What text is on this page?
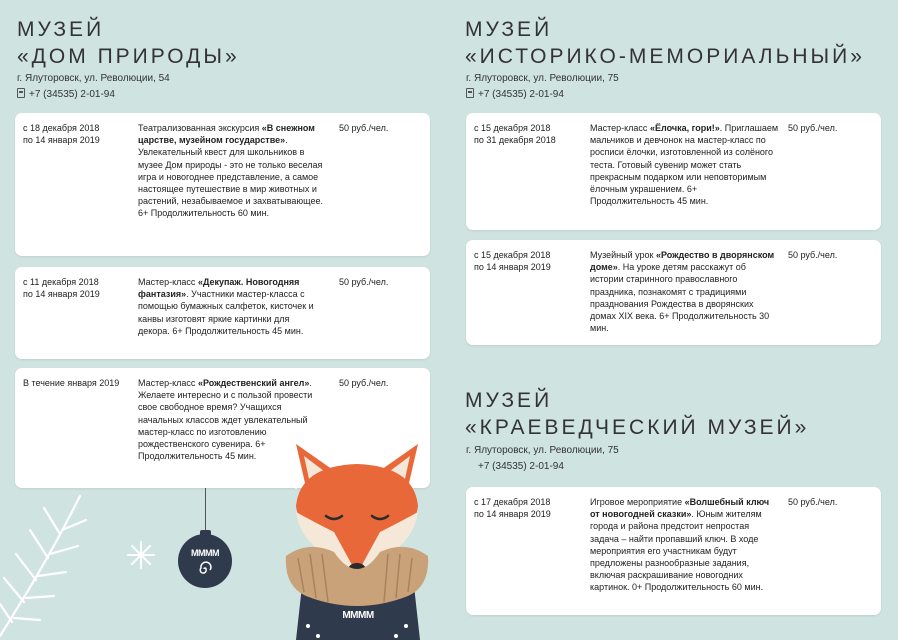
МУЗЕЙ
«ДОМ ПРИРОДЫ»
г. Ялуторовск, ул. Революции, 54
+7 (34535) 2-01-94
с 18 декабря 2018
по 14 января 2019
Театрализованная экскурсия «В снежном царстве, музейном государстве». Увлекательный квест для школьников в музее Дом природы - это не только веселая игра и новогоднее представление, а самое настоящее путешествие в мир животных и растений, незабываемое и захватывающее. 6+ Продолжительность 60 мин.
50 руб./чел.
с 11 декабря 2018
по 14 января 2019
Мастер-класс «Декупаж. Новогодняя фантазия». Участники мастер-класса с помощью бумажных салфеток, кисточек и канвы изготовят яркие картинки для декора. 6+ Продолжительность 45 мин.
50 руб./чел.
В течение января 2019	Мастер-класс «Рождественский ангел». Желаете интересно и с пользой провести свое свободное время? Учащихся начальных классов ждет увлекательный мастер-класс по изготовлению рождественского сувенира. 6+ Продолжительность 45 мин.
50 руб./чел.
МУЗЕЙ
«ИСТОРИКО-МЕМОРИАЛЬНЫЙ»
г. Ялуторовск, ул. Революции, 75
+7 (34535) 2-01-94
с 15 декабря 2018
по 31 декабря 2018
Мастер-класс «Ёлочка, гори!». Приглашаем мальчиков и девчонок на мастер-класс по росписи ёлочки, изготовленной из солёного теста. Готовый сувенир может стать прекрасным подарком или неповторимым ёлочным украшением. 6+ Продолжительность 45 мин.
50 руб./чел.
с 15 декабря 2018
по 14 января 2019
Музейный урок «Рождество в дворянском доме». На уроке детям расскажут об истории старинного православного праздника, познакомят с традициями празднования Рождества в дворянских домах XIX века. 6+ Продолжительность 30 мин.
50 руб./чел.
МУЗЕЙ
«КРАЕВЕДЧЕСКИЙ МУЗЕЙ»
г. Ялуторовск, ул. Революции, 75
+7 (34535) 2-01-94
с 17 декабря 2018
по 14 января 2019
Игровое мероприятие «Волшебный ключ от новогодней сказки». Юным жителям города и района предстоит непростая задача – найти пропавший ключ. В ходе мероприятия его участникам будут предложены разнообразные задания, включая раскрашивание новогодних картинок. 0+ Продолжительность 60 мин.
50 руб./чел.
MMMM
MMMM
